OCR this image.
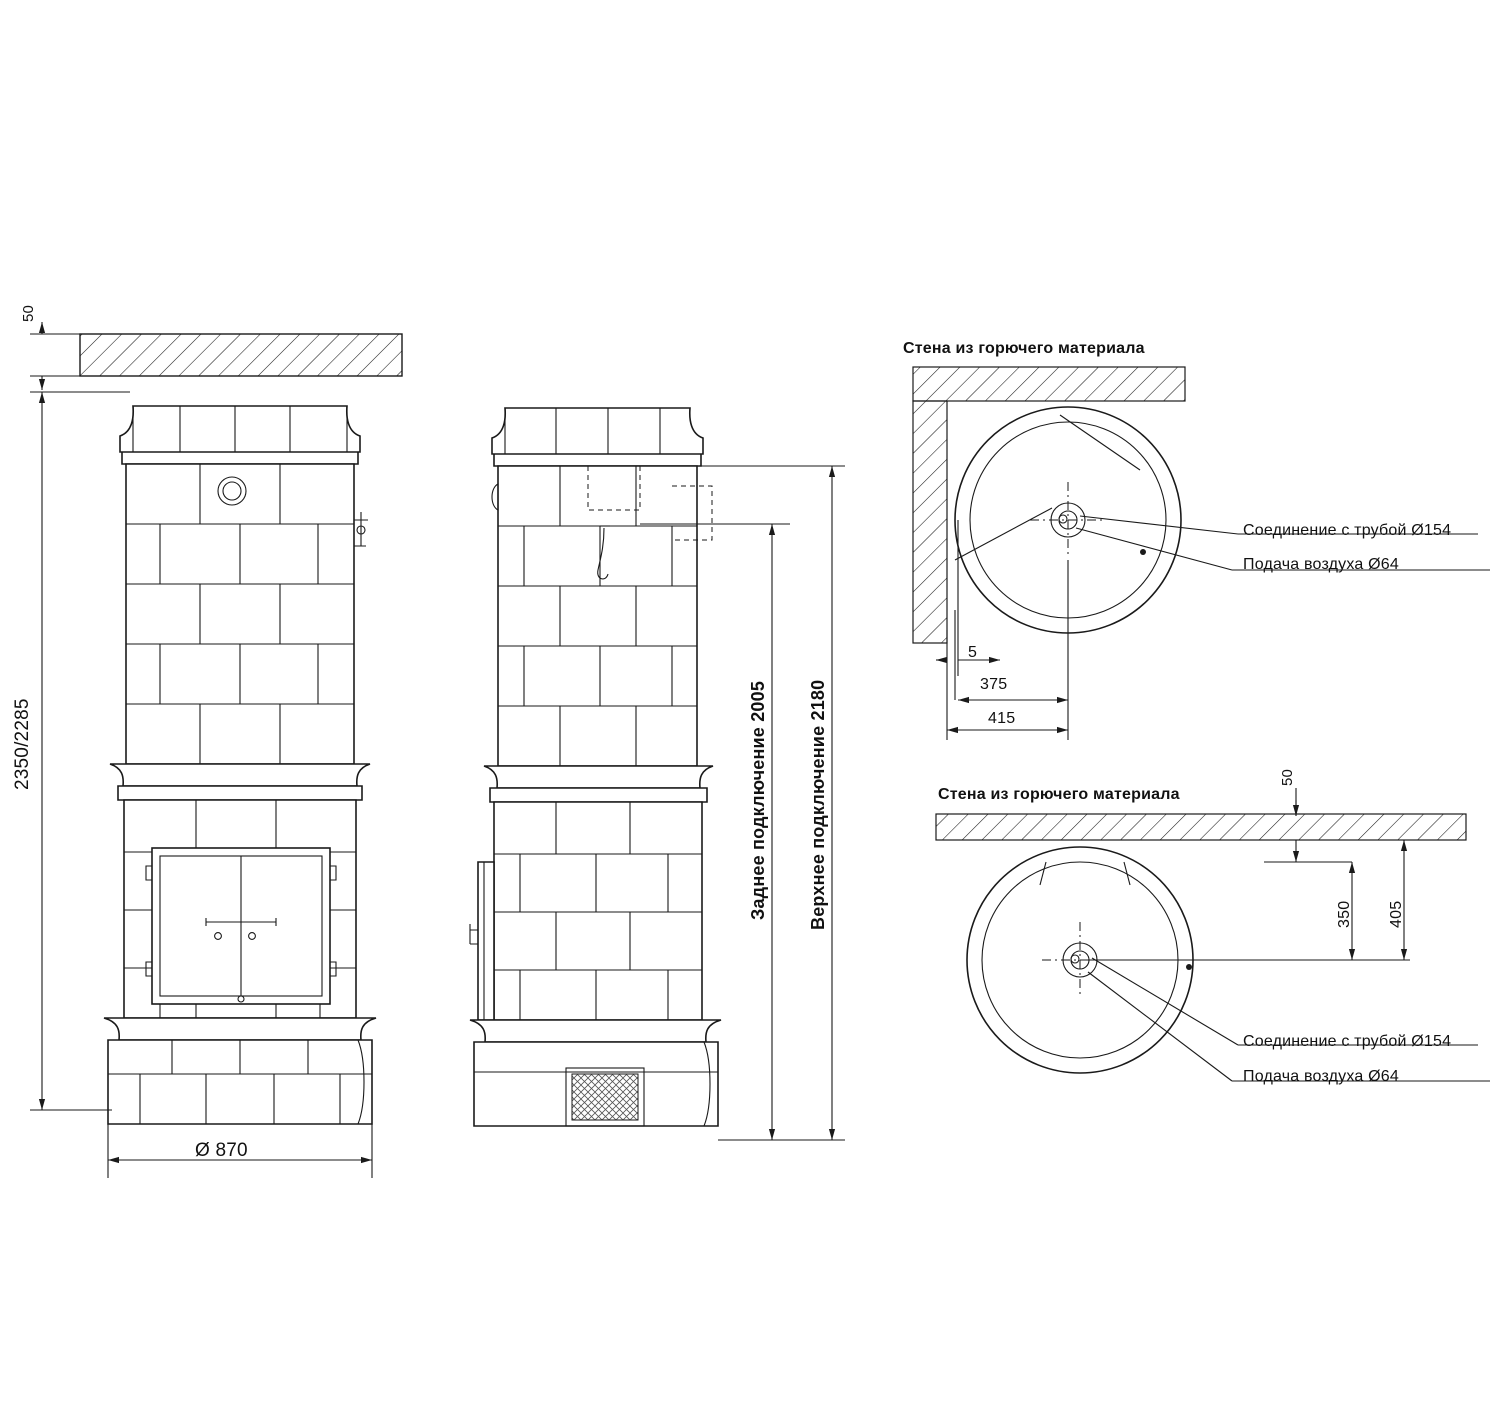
50
2350/2285
Ø 870
Заднее подключение 2005 Верхнее подключение 2180
Стена из горючего материала
5
375
415
Соединение с трубой Ø154
Подача воздуха Ø64
Стена из горючего материала
50
350 405
Соединение с трубой Ø154
Подача воздуха Ø64
